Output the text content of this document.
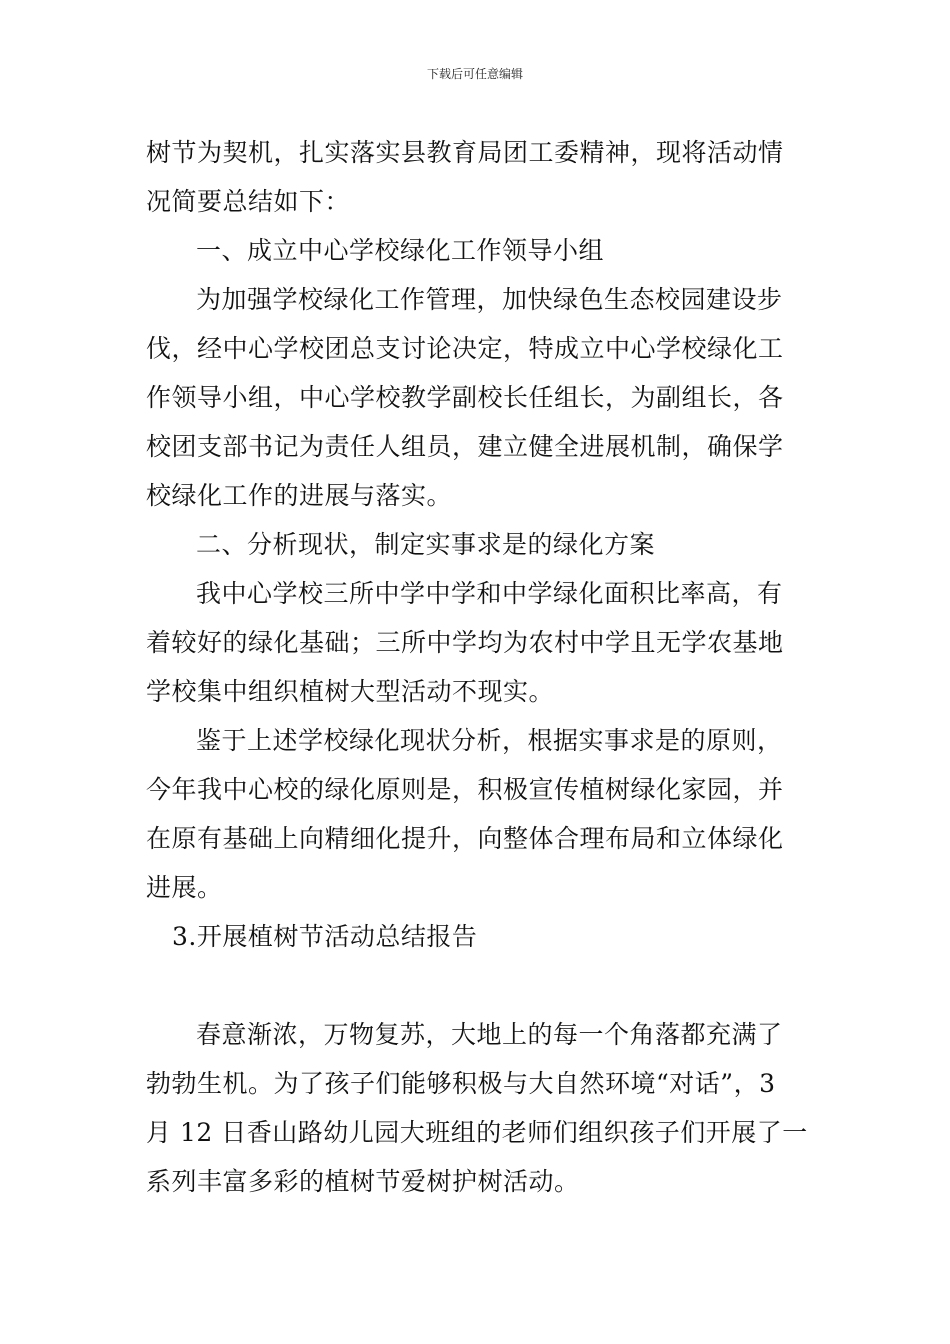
下载后可任意编辑
树节为契机，扎实落实县教育局团工委精神，现将活动情
况简要总结如下：
一、成立中心学校绿化工作领导小组
为加强学校绿化工作管理，加快绿色生态校园建设步
伐，经中心学校团总支讨论决定，特成立中心学校绿化工
作领导小组，中心学校教学副校长任组长，为副组长，各
校团支部书记为责任人组员，建立健全进展机制，确保学
校绿化工作的进展与落实。
二、分析现状，制定实事求是的绿化方案
我中心学校三所中学中学和中学绿化面积比率高，有
着较好的绿化基础；三所中学均为农村中学且无学农基地
学校集中组织植树大型活动不现实。
鉴于上述学校绿化现状分析，根据实事求是的原则，
今年我中心校的绿化原则是，积极宣传植树绿化家园，并
在原有基础上向精细化提升，向整体合理布局和立体绿化
进展。
3.开展植树节活动总结报告
春意渐浓，万物复苏，大地上的每一个角落都充满了
勃勃生机。为了孩子们能够积极与大自然环境“对话”，3
月 12 日香山路幼儿园大班组的老师们组织孩子们开展了一
系列丰富多彩的植树节爱树护树活动。
